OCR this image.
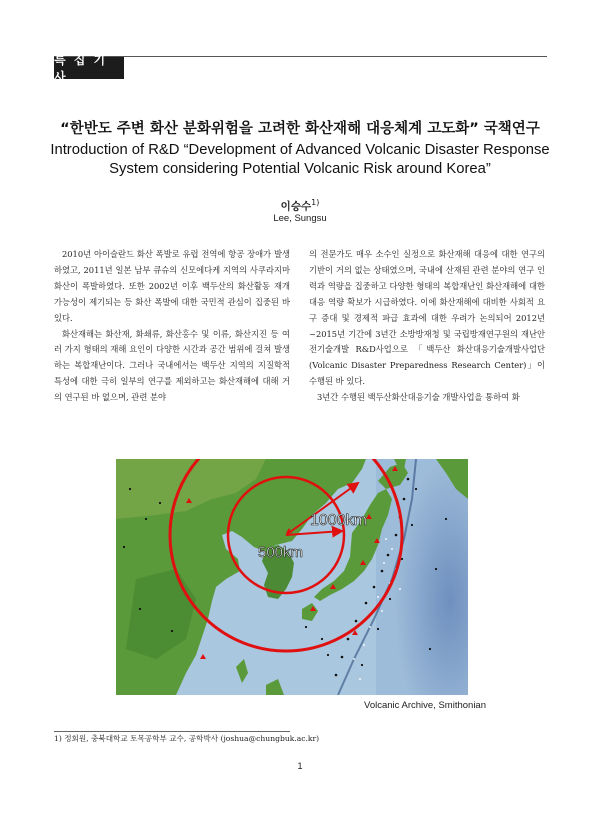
특 집 기 사
“한반도 주변 화산 분화위험을 고려한 화산재해 대응체계 고도화” 국책연구
Introduction of R&D “Development of Advanced Volcanic Disaster Response
System considering Potential Volcanic Risk around Korea”
이승수$^{1)}$
Lee, Sungsu

2010년 아이슬란드 화산 폭발로 유럽 전역에 항공 장애가 발생하였고, 2011년 일본 남부 큐슈의 신모에다케 지역의 사쿠라지마 화산이 폭발하였다. 또한 2002년 이후 백두산의 화산활동 재개 가능성이 제기되는 등 화산 폭발에 대한 국민적 관심이 집중된 바 있다.

화산재해는 화산재, 화쇄류, 화산홍수 및 이류, 화산지진 등 여러 가지 형태의 재해 요인이 다양한 시간과 공간 범위에 걸쳐 발생하는 복합재난이다. 그러나 국내에서는 백두산 지역의 지질학적 특성에 대한 극히 일부의 연구를 제외하고는 화산재해에 대해 거의 연구된 바 없으며, 관련 분야

의 전문가도 매우 소수인 실정으로 화산재해 대응에 대한 연구의 기반이 거의 없는 상태였으며, 국내에 산재된 관련 분야의 연구 인력과 역량을 집중하고 다양한 형태의 복합재난인 화산재해에 대한 대응 역량 확보가 시급하였다. 이에 화산재해에 대비한 사회적 요구 증대 및 경제적 파급 효과에 대한 우려가 논의되어 2012년~2015년 기간에 3년간 소방방재청 및 국립방재연구원의 재난안전기술개발 R&D사업으로 「백두산 화산대응기술개발사업단(Volcanic Disaster Preparedness Research Center)」이 수행된 바 있다.

3년간 수행된 백두산화산대응기술 개발사업을 통하여 화

1000km
500km
Volcanic Archive, Smithonian
1) 정회원, 충북대학교 토목공학부 교수, 공학박사 (joshua@chungbuk.ac.kr)
1
